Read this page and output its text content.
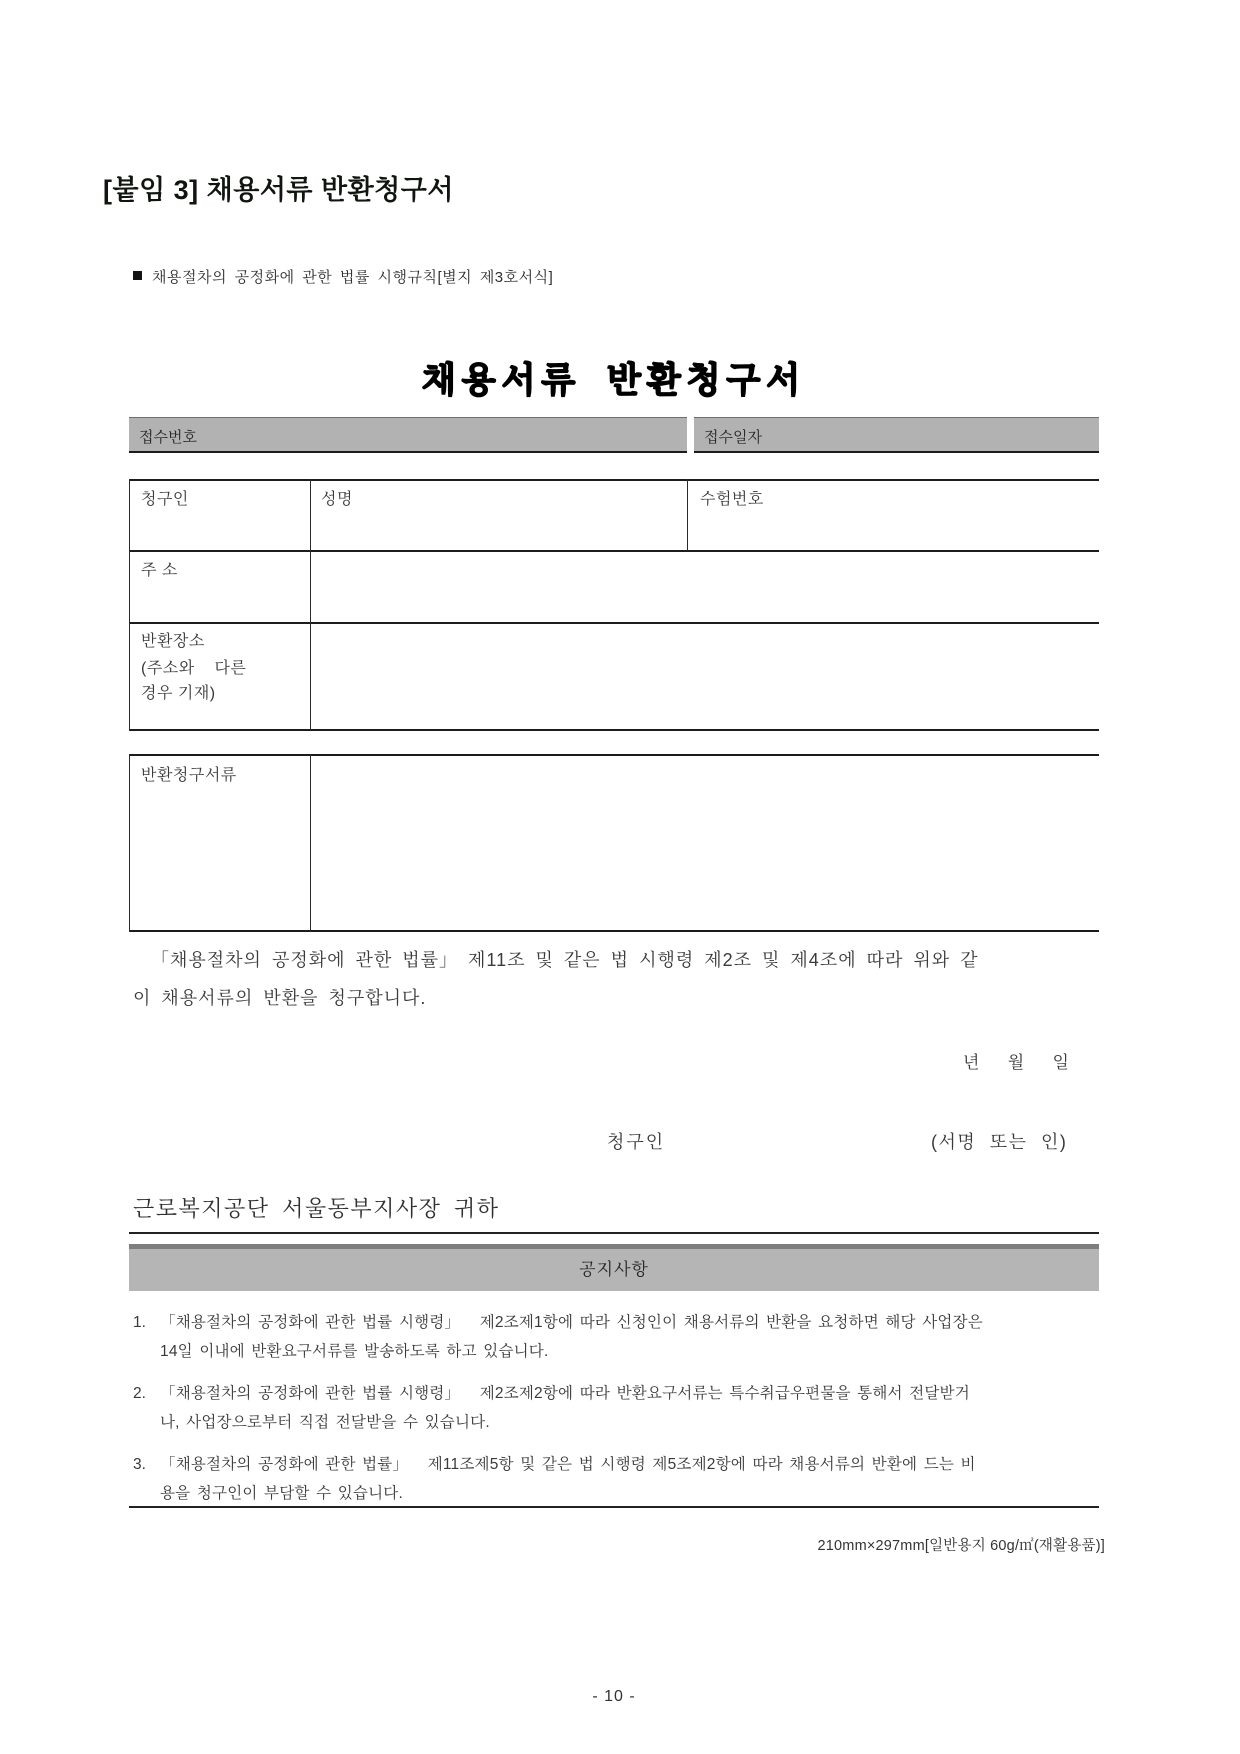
[붙임 3] 채용서류 반환청구서
채용절차의 공정화에 관한 법률 시행규칙[별지 제3호서식]
채용서류 반환청구서
접수번호	접수일자
청구인	성명	수험번호
주 소
반환장소
(주소와    다른
경우 기재)
반환청구서류
「채용절차의 공정화에 관한 법률」 제11조 및 같은 법 시행령 제2조 및 제4조에 따라 위와 같
이 채용서류의 반환을 청구합니다.
년      월      일
청구인	(서명 또는 인)
근로복지공단 서울동부지사장 귀하
공지사항
1. 「채용절차의 공정화에 관한 법률 시행령」   제2조제1항에 따라 신청인이 채용서류의 반환을 요청하면 해당 사업장은
14일 이내에 반환요구서류를 발송하도록 하고 있습니다.
2. 「채용절차의 공정화에 관한 법률 시행령」   제2조제2항에 따라 반환요구서류는 특수취급우편물을 통해서 전달받거
나, 사업장으로부터 직접 전달받을 수 있습니다.
3. 「채용절차의 공정화에 관한 법률」   제11조제5항 및 같은 법 시행령 제5조제2항에 따라 채용서류의 반환에 드는 비
용을 청구인이 부담할 수 있습니다.
210mm×297mm[일반용지 60g/㎡(재활용품)]
- 10 -
